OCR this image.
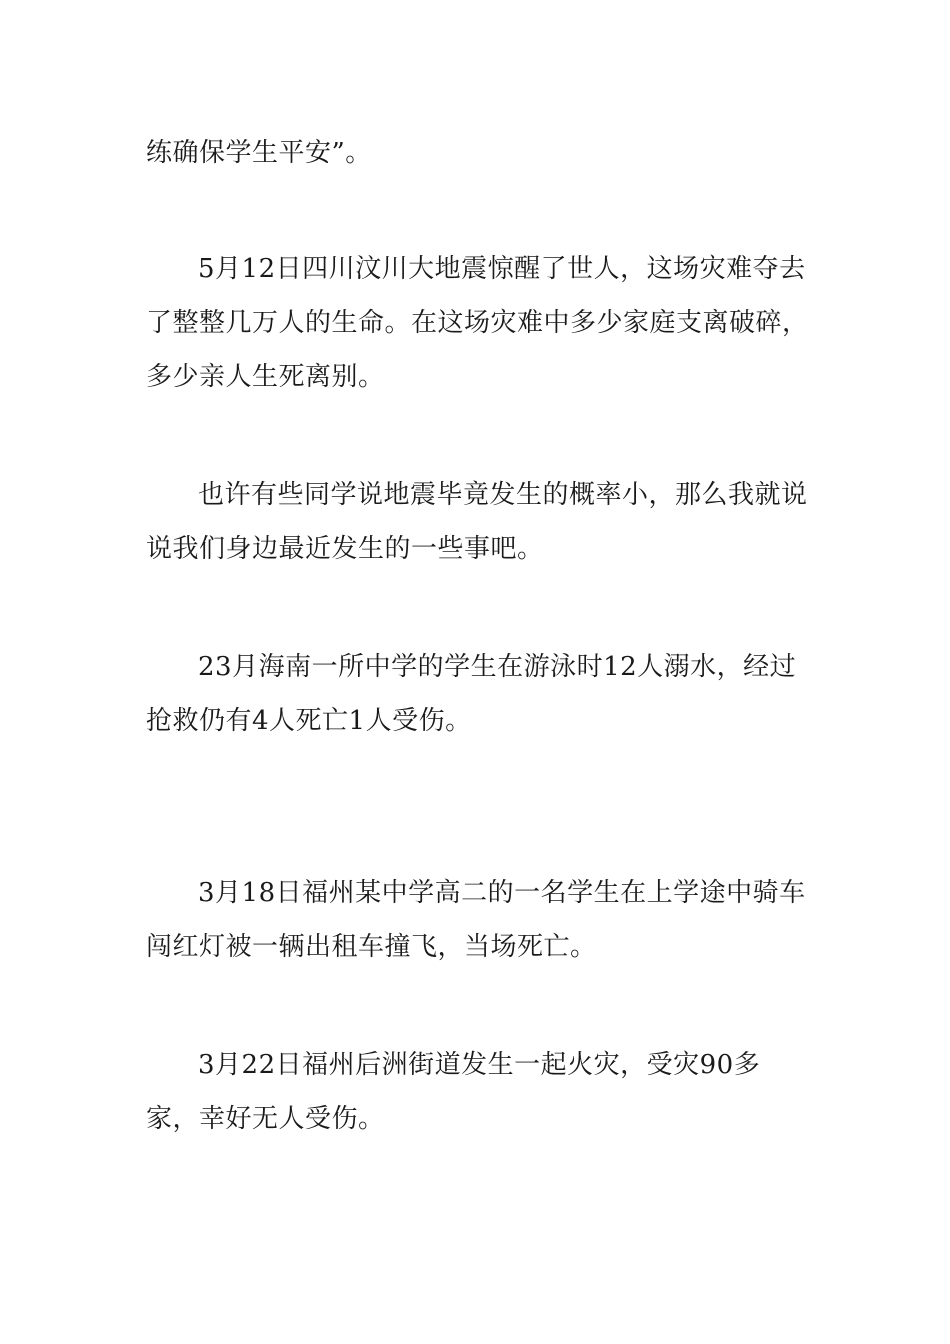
练确保学生平安”。

5月12日四川汶川大地震惊醒了世人，这场灾难夺去了整整几万人的生命。在这场灾难中多少家庭支离破碎，多少亲人生死离别。

也许有些同学说地震毕竟发生的概率小，那么我就说说我们身边最近发生的一些事吧。

23月海南一所中学的学生在游泳时12人溺水，经过抢救仍有4人死亡1人受伤。

3月18日福州某中学高二的一名学生在上学途中骑车闯红灯被一辆出租车撞飞，当场死亡。

3月22日福州后洲街道发生一起火灾，受灾90多家，幸好无人受伤。
